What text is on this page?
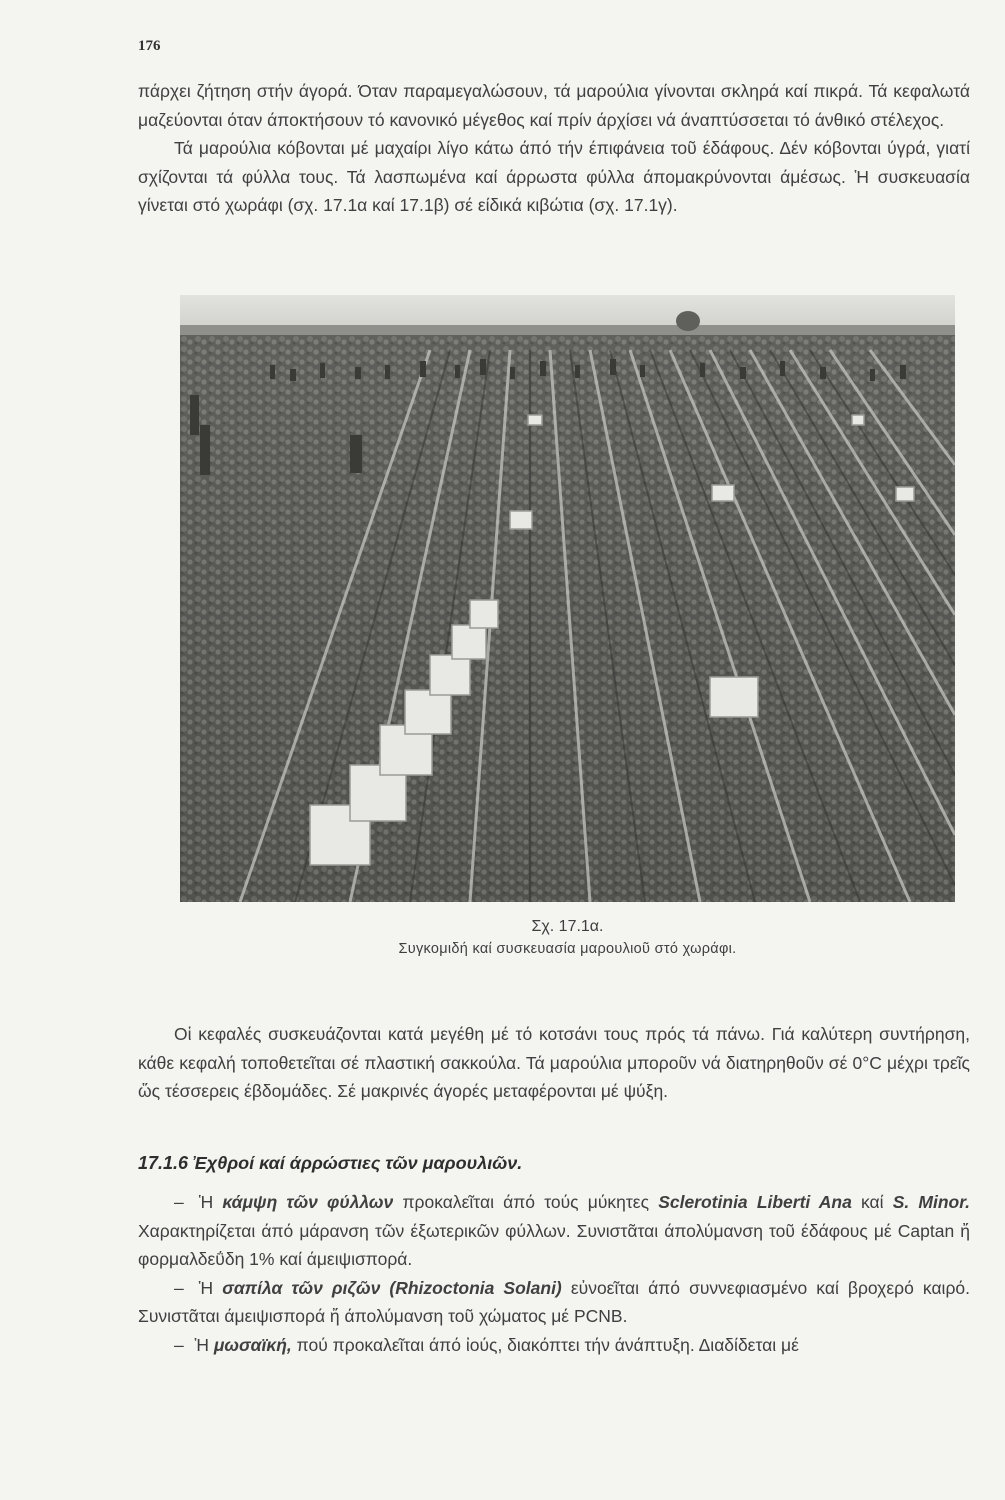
176

πάρχει ζήτηση στήν άγορά. Όταν παραμεγαλώσουν, τά μαρούλια γίνονται σκληρά καί πικρά. Τά κεφαλωτά μαζεύονται όταν άποκτήσουν τό κανονικό μέγεθος καί πρίν άρχίσει νά άναπτύσσεται τό άνθικό στέλεχος.

Τά μαρούλια κόβονται μέ μαχαίρι λίγο κάτω άπό τήν έπιφάνεια τοῦ έδάφους. Δέν κόβονται ύγρά, γιατί σχίζονται τά φύλλα τους. Τά λασπωμένα καί άρρωστα φύλλα άπομακρύνονται άμέσως. Ἡ συσκευασία γίνεται στό χωράφι (σχ. 17.1α καί 17.1β) σέ είδικά κιβώτια (σχ. 17.1γ).

Σχ. 17.1α.
Συγκομιδή καί συσκευασία μαρουλιοῦ στό χωράφι.

Οἱ κεφαλές συσκευάζονται κατά μεγέθη μέ τό κοτσάνι τους πρός τά πάνω. Γιά καλύτερη συντήρηση, κάθε κεφαλή τοποθετεῖται σέ πλαστική σακκούλα. Τά μαρούλια μποροῦν νά διατηρηθοῦν σέ 0°C μέχρι τρεῖς ὥς τέσσερεις έβδομάδες. Σέ μακρινές άγορές μεταφέρονται μέ ψύξη.

17.1.6 Ἐχθροί καί άρρώστιες τῶν μαρουλιῶν.

– Ἡ κάμψη τῶν φύλλων προκαλεῖται άπό τούς μύκητες Sclerotinia Liberti Ana καί S. Minor. Χαρακτηρίζεται άπό μάρανση τῶν έξωτερικῶν φύλλων. Συνιστᾶται άπολύμανση τοῦ έδάφους μέ Captan ἤ φορμαλδεΰδη 1% καί άμειψισπορά.

– Ἡ σαπίλα τῶν ριζῶν (Rhizoctonia Solani) εὐνοεῖται άπό συννεφιασμένο καί βροχερό καιρό. Συνιστᾶται άμειψισπορά ἤ άπολύμανση τοῦ χώματος μέ PCNB.

– Ἡ μωσαϊκή, πού προκαλεῖται άπό ἰούς, διακόπτει τήν άνάπτυξη. Διαδίδεται μέ
